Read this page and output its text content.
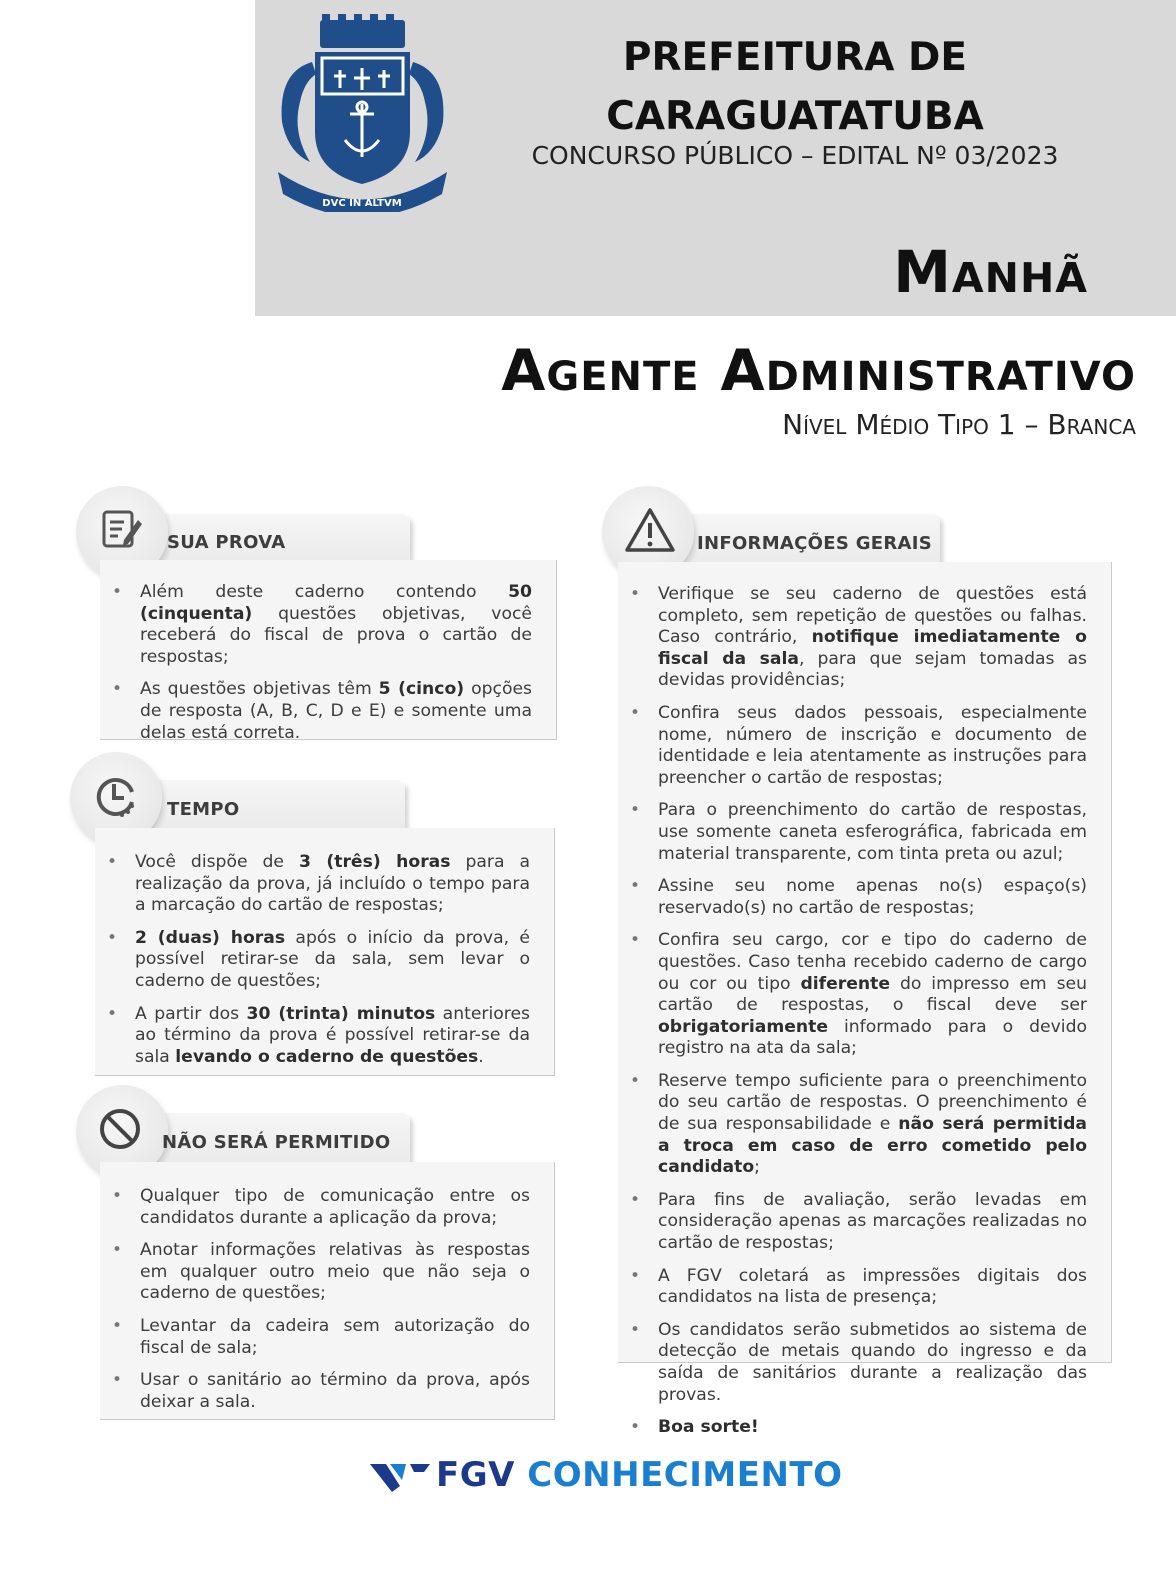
DVC IN ALTVM
PREFEITURA DE
CARAGUATATUBA
CONCURSO PÚBLICO – EDITAL Nº 03/2023
Manhã
Agente Administrativo
Nível Médio Tipo 1 – Branca
SUA PROVA
• Além deste caderno contendo 50 (cinquenta) questões objetivas, você receberá do fiscal de prova o cartão de respostas;
• As questões objetivas têm 5 (cinco) opções de resposta (A, B, C, D e E) e somente uma delas está correta.
TEMPO
• Você dispõe de 3 (três) horas para a realização da prova, já incluído o tempo para a marcação do cartão de respostas;
• 2 (duas) horas após o início da prova, é possível retirar-se da sala, sem levar o caderno de questões;
• A partir dos 30 (trinta) minutos anteriores ao término da prova é possível retirar-se da sala levando o caderno de questões.
NÃO SERÁ PERMITIDO
• Qualquer tipo de comunicação entre os candidatos durante a aplicação da prova;
• Anotar informações relativas às respostas em qualquer outro meio que não seja o caderno de questões;
• Levantar da cadeira sem autorização do fiscal de sala;
• Usar o sanitário ao término da prova, após deixar a sala.
INFORMAÇÕES GERAIS
• Verifique se seu caderno de questões está completo, sem repetição de questões ou falhas. Caso contrário, notifique imediatamente o fiscal da sala, para que sejam tomadas as devidas providências;
• Confira seus dados pessoais, especialmente nome, número de inscrição e documento de identidade e leia atentamente as instruções para preencher o cartão de respostas;
• Para o preenchimento do cartão de respostas, use somente caneta esferográfica, fabricada em material transparente, com tinta preta ou azul;
• Assine seu nome apenas no(s) espaço(s) reservado(s) no cartão de respostas;
• Confira seu cargo, cor e tipo do caderno de questões. Caso tenha recebido caderno de cargo ou cor ou tipo diferente do impresso em seu cartão de respostas, o fiscal deve ser obrigatoriamente informado para o devido registro na ata da sala;
• Reserve tempo suficiente para o preenchimento do seu cartão de respostas. O preenchimento é de sua responsabilidade e não será permitida a troca em caso de erro cometido pelo candidato;
• Para fins de avaliação, serão levadas em consideração apenas as marcações realizadas no cartão de respostas;
• A FGV coletará as impressões digitais dos candidatos na lista de presença;
• Os candidatos serão submetidos ao sistema de detecção de metais quando do ingresso e da saída de sanitários durante a realização das provas.
• Boa sorte!
FGV CONHECIMENTO
